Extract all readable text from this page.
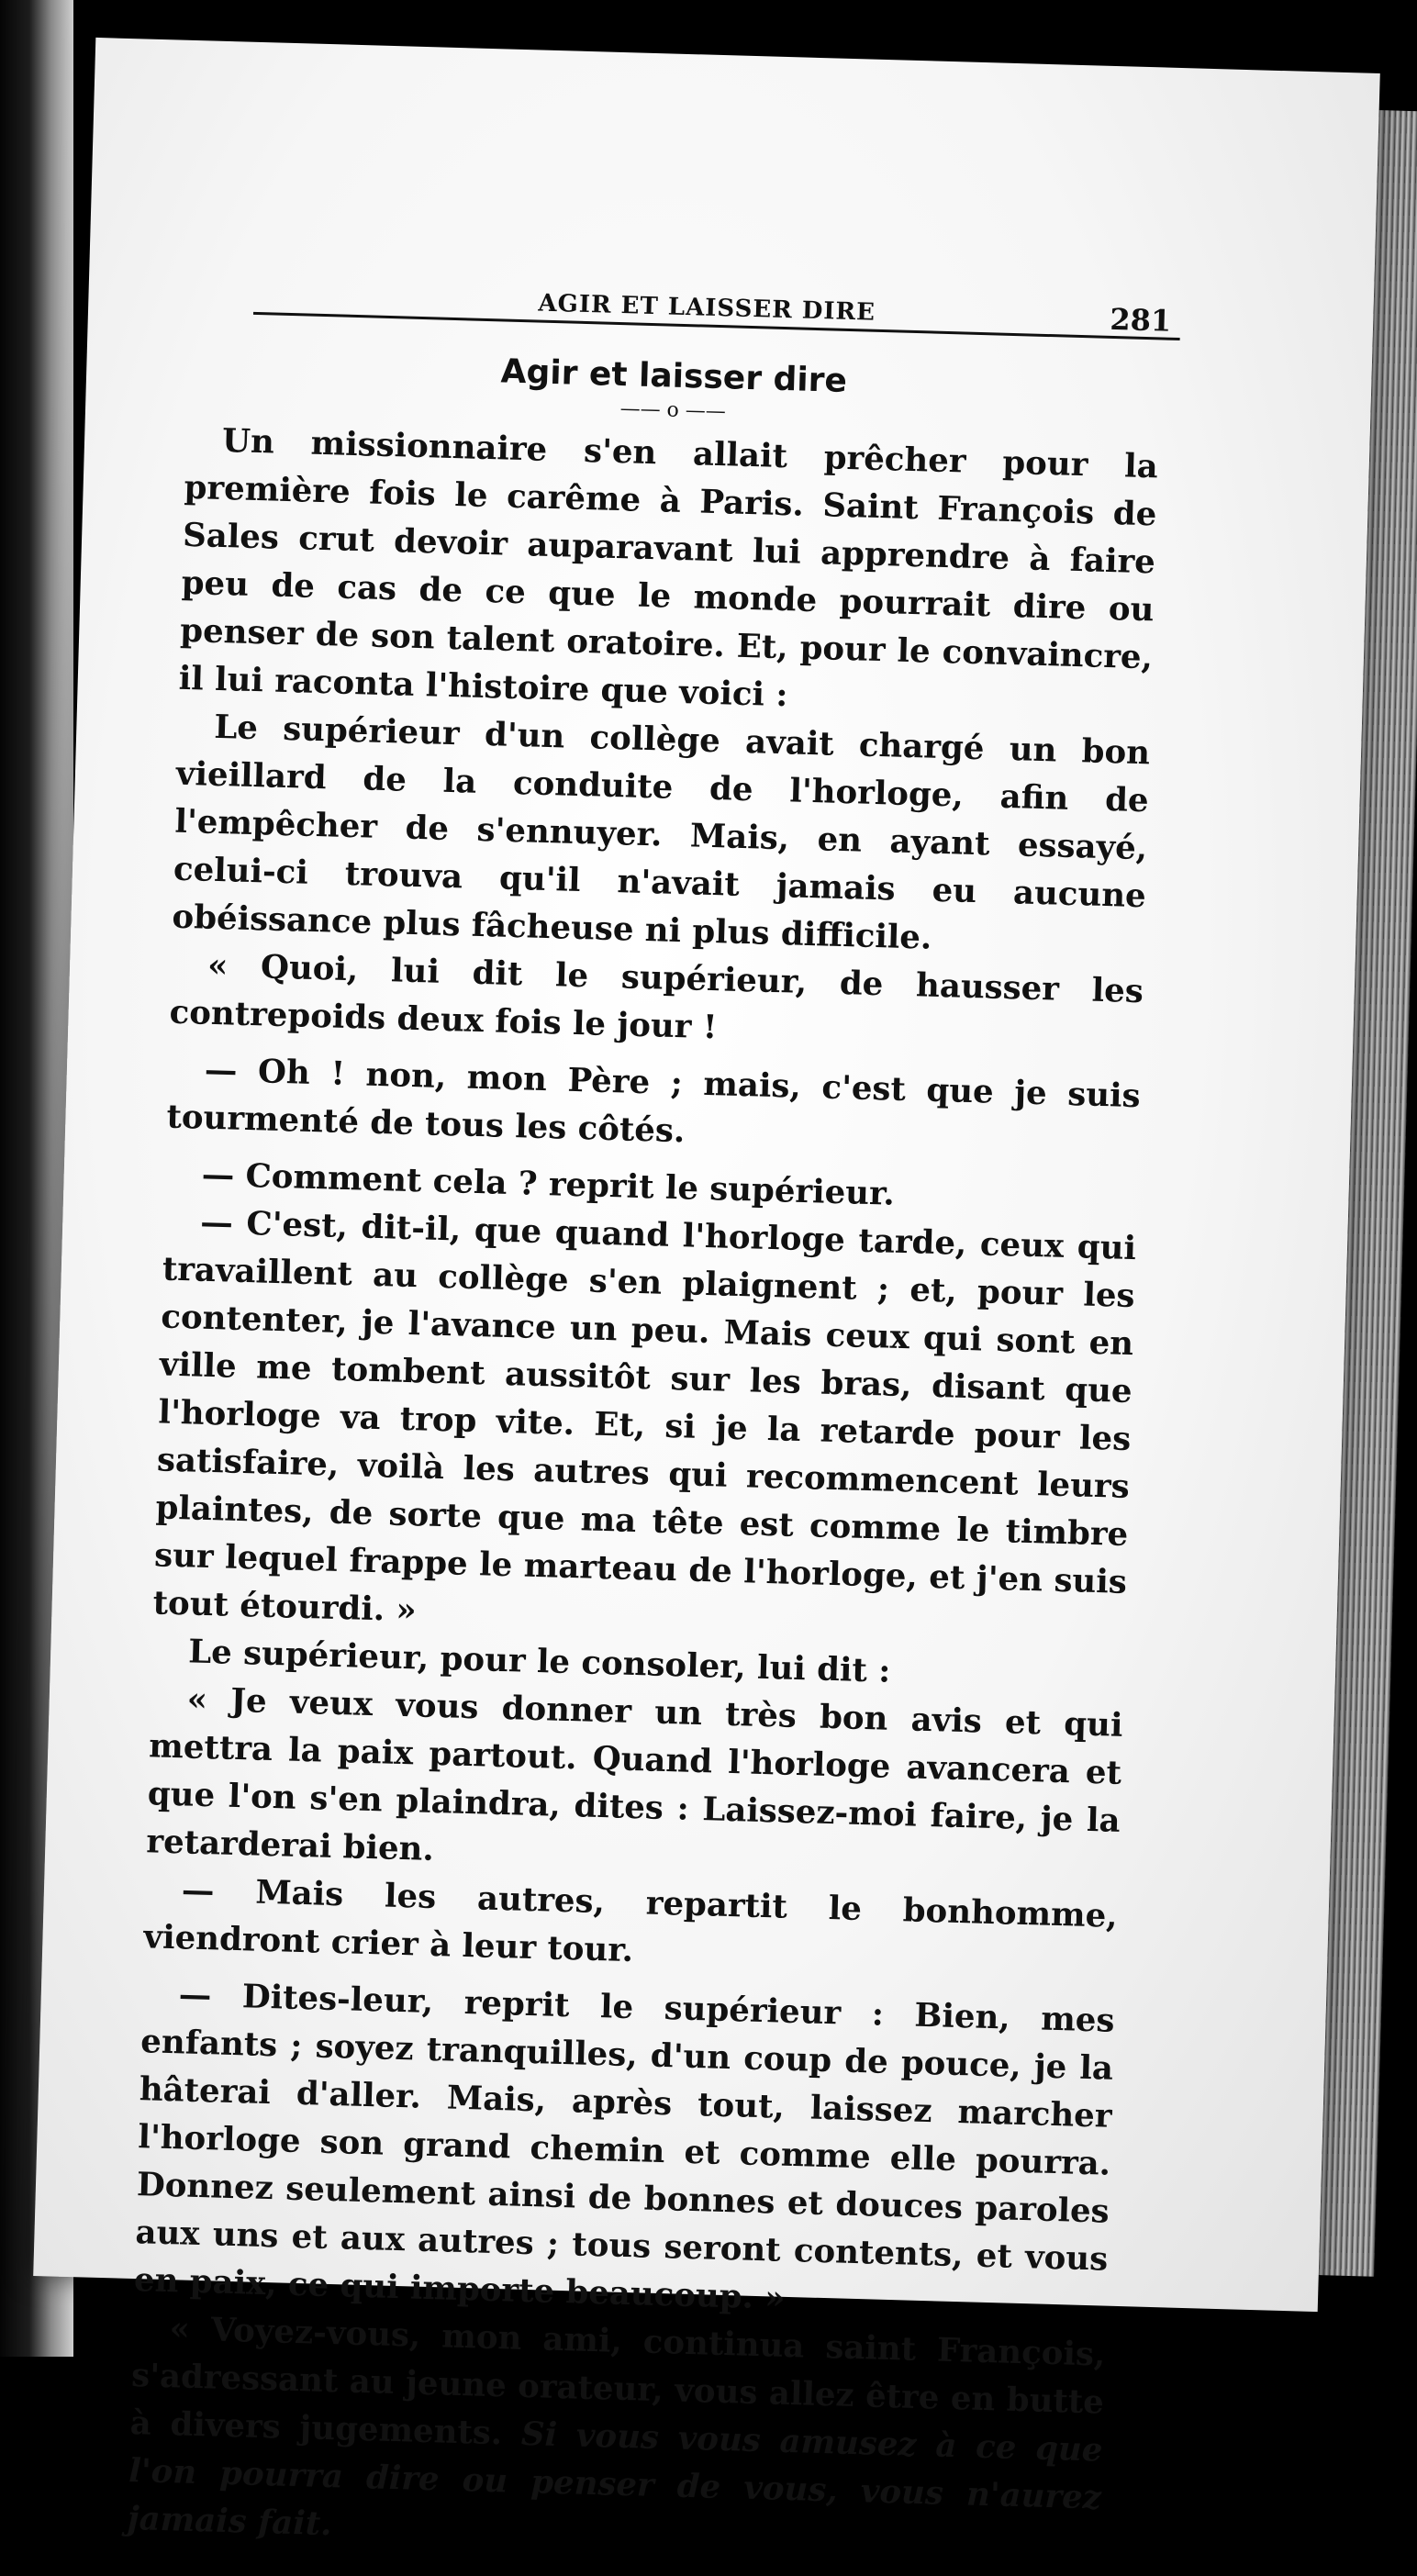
AGIR ET LAISSER DIRE	281
Agir et laisser dire
—— o ——

Un missionnaire s'en allait prêcher pour la première fois le carême à Paris. Saint François de Sales crut devoir auparavant lui apprendre à faire peu de cas de ce que le monde pourrait dire ou penser de son talent oratoire. Et, pour le convaincre, il lui raconta l'histoire que voici :

Le supérieur d'un collège avait chargé un bon vieillard de la conduite de l'horloge, afin de l'empêcher de s'ennuyer. Mais, en ayant essayé, celui-ci trouva qu'il n'avait jamais eu aucune obéissance plus fâcheuse ni plus difficile.

« Quoi, lui dit le supérieur, de hausser les contrepoids deux fois le jour !

— Oh ! non, mon Père ; mais, c'est que je suis tourmenté de tous les côtés.

— Comment cela ? reprit le supérieur.

— C'est, dit-il, que quand l'horloge tarde, ceux qui travaillent au collège s'en plaignent ; et, pour les contenter, je l'avance un peu. Mais ceux qui sont en ville me tombent aussitôt sur les bras, disant que l'horloge va trop vite. Et, si je la retarde pour les satisfaire, voilà les autres qui recommencent leurs plaintes, de sorte que ma tête est comme le timbre sur lequel frappe le marteau de l'horloge, et j'en suis tout étourdi. »

Le supérieur, pour le consoler, lui dit :

« Je veux vous donner un très bon avis et qui mettra la paix partout. Quand l'horloge avancera et que l'on s'en plaindra, dites : Laissez-moi faire, je la retarderai bien.

— Mais les autres, repartit le bonhomme, viendront crier à leur tour.

— Dites-leur, reprit le supérieur : Bien, mes enfants ; soyez tranquilles, d'un coup de pouce, je la hâterai d'aller. Mais, après tout, laissez marcher l'horloge son grand chemin et comme elle pourra. Donnez seulement ainsi de bonnes et douces paroles aux uns et aux autres ; tous seront contents, et vous en paix, ce qui importe beaucoup. »

« Voyez-vous, mon ami, continua saint François, s'adressant au jeune orateur, vous allez être en butte à divers jugements. Si vous vous amusez à ce que l'on pourra dire ou penser de vous, vous n'aurez jamais fait.
